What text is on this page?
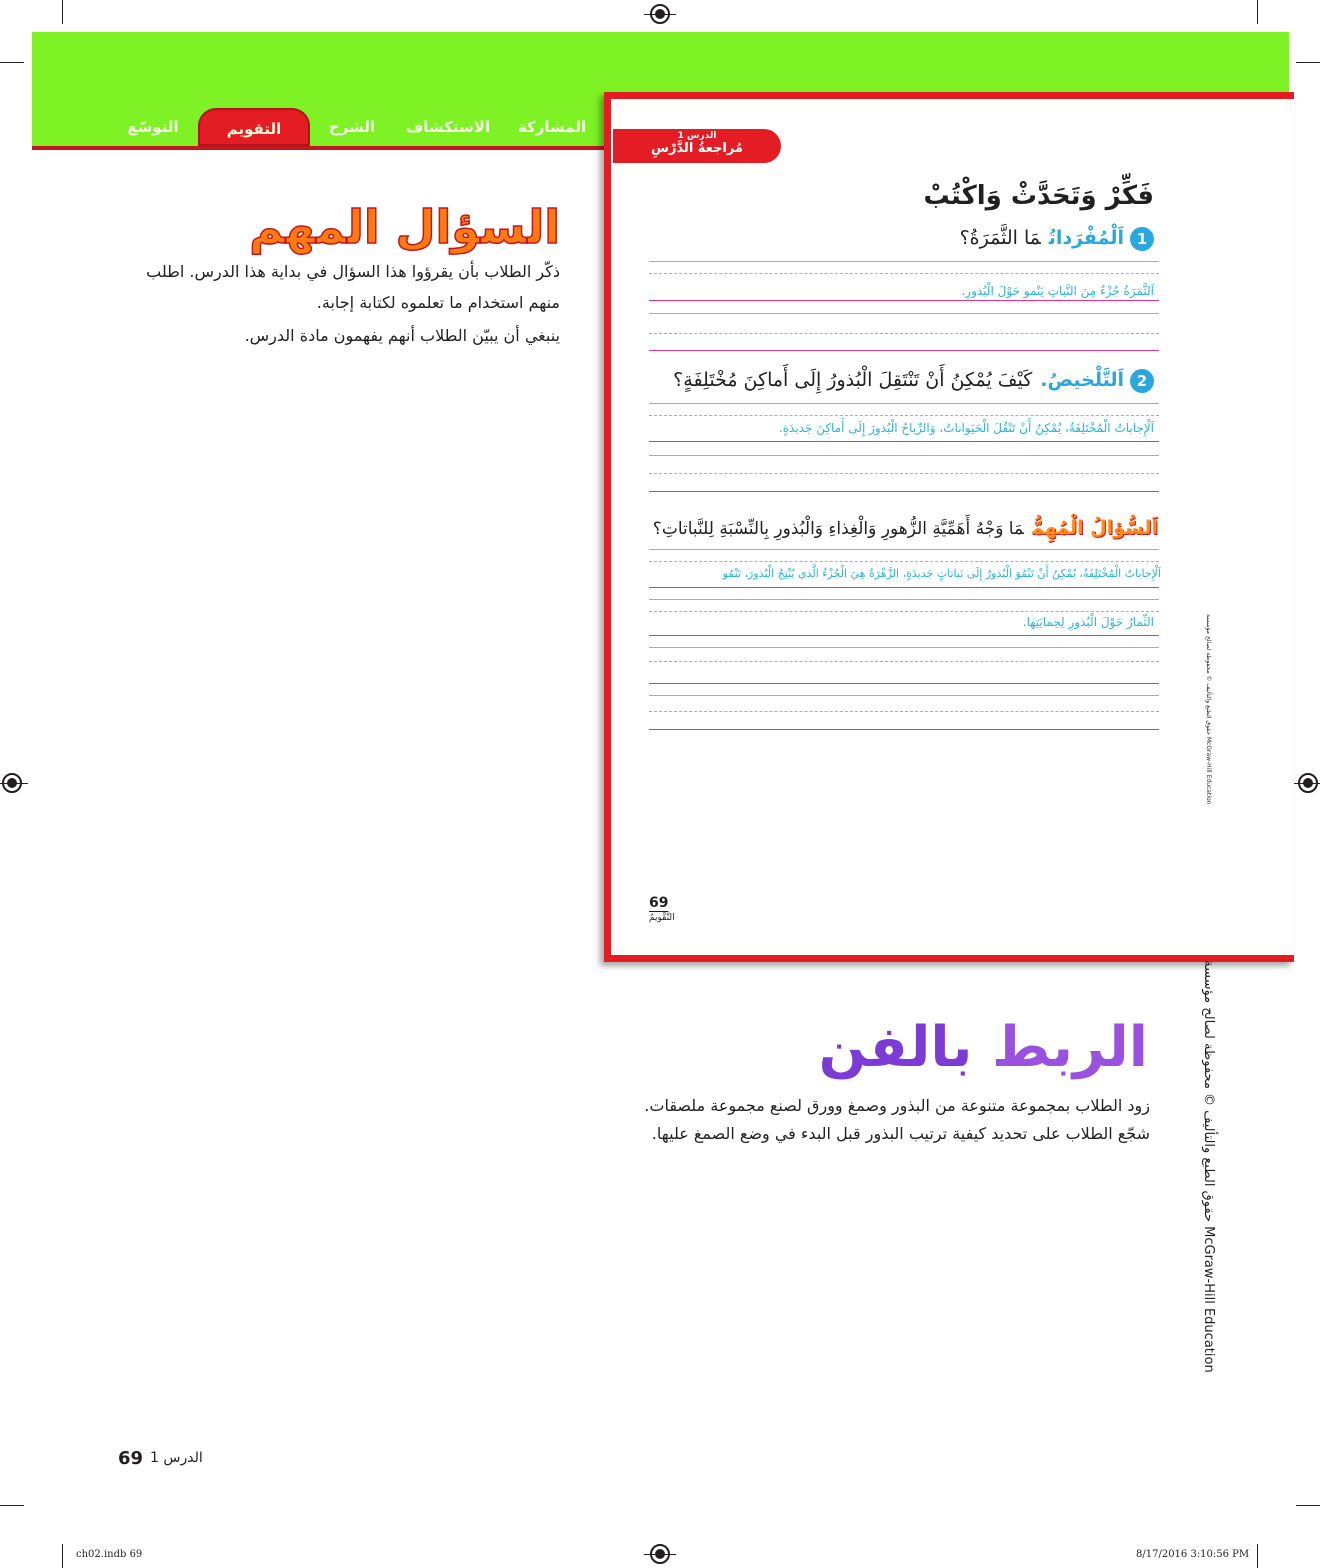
التوسّع	التقويم	الشرح	الاستكشاف	المشاركة	الدرس 1
مُراجعةُ الدَّرْسِ
فَكِّرْ وَتَحَدَّثْ وَاكْتُبْ
1اَلْمُفْرَداتُمَا الثَّمَرَةُ؟
اَلثَّمَرَةُ جُزْءٌ مِنَ النَّباتِ يَنْمو حَوْلَ الْبُذورِ.
2اَلتَّلْخيصُ.كَيْفَ يُمْكِنُ أَنْ تَنْتَقِلَ الْبُذورُ إِلَى أَماكِنَ مُخْتَلِفَةٍ؟
اَلْإِجاباتُ الْمُخْتَلِفَةُ، يُمْكِنُ أَنْ تَنْقُلَ الْحَيَواناتُ، وَالرِّياحُ الْبُذورَ إِلَى أَماكِنَ جَديدَةٍ.
اَلسُّؤالُ الْمُهِمُّمَا وَجْهُ أَهَمِّيَّةِ الزُّهورِ وَالْغِذاءِ وَالْبُذورِ بِالنِّسْبَةِ لِلنَّباتاتِ؟
اَلْإِجاباتُ الْمُخْتَلِفَةُ، يُمْكِنُ أَنْ تَنْمُوَ الْبُذورُ إِلَى نَباتاتٍ جَديدَةٍ، الزَّهْرَةُ هِيَ الْجُزْءُ الَّذي يُنْتِجُ الْبُذورَ، تَنْمُو
الثِّمارُ حَوْلَ الْبُذورِ لِحِمايَتِها.
69
التَّقْويمُ
السؤال المهم
ذكّر الطلاب بأن يقرؤوا هذا السؤال في بداية هذا الدرس. اطلب منهم استخدام ما تعلموه لكتابة إجابة.
ينبغي أن يبيّن الطلاب أنهم يفهمون مادة الدرس.
الربط بالفن
زود الطلاب بمجموعة متنوعة من البذور وصمغ وورق لصنع مجموعة ملصقات. شجّع الطلاب على تحديد كيفية ترتيب البذور قبل البدء في وضع الصمغ عليها.	حقوق الطبع والتأليف © محفوظة لصالح مؤسسة McGraw-Hill Education
حقوق الطبع والتأليف © محفوظة لصالح مؤسسة McGraw-Hill Education
69 الدرس 1
ch02.indb 69	8/17/2016 3:10:56 PM
